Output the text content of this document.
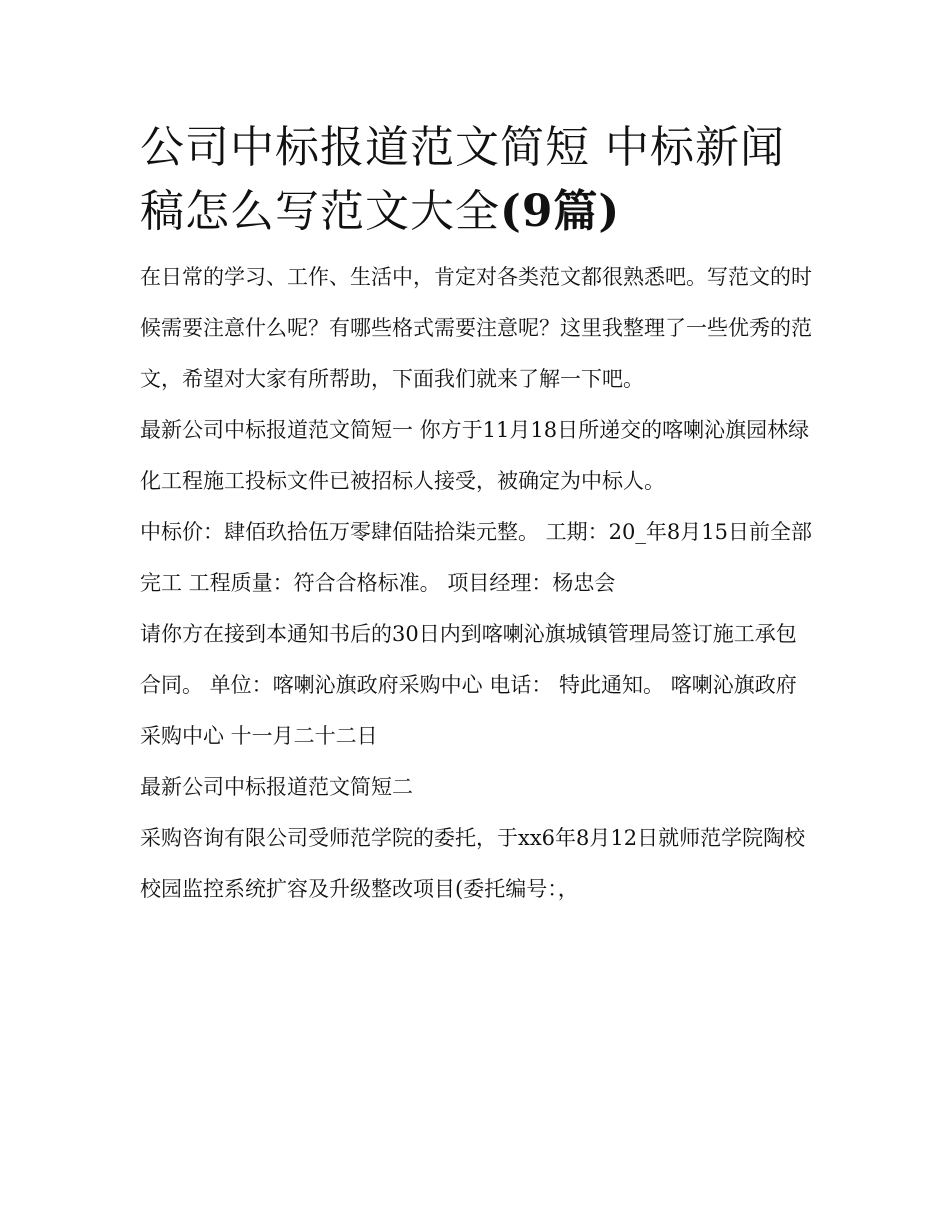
公司中标报道范文简短 中标新闻稿怎么写范文大全(9篇)

在日常的学习、工作、生活中，肯定对各类范文都很熟悉吧。写范文的时候需要注意什么呢？有哪些格式需要注意呢？这里我整理了一些优秀的范文，希望对大家有所帮助，下面我们就来了解一下吧。

最新公司中标报道范文简短一 你方于11月18日所递交的喀喇沁旗园林绿化工程施工投标文件已被招标人接受，被确定为中标人。

中标价：肆佰玖拾伍万零肆佰陆拾柒元整。 工期：20_年8月15日前全部完工 工程质量：符合合格标准。 项目经理：杨忠会

请你方在接到本通知书后的30日内到喀喇沁旗城镇管理局签订施工承包合同。 单位：喀喇沁旗政府采购中心 电话： 特此通知。 喀喇沁旗政府采购中心 十一月二十二日

最新公司中标报道范文简短二

采购咨询有限公司受师范学院的委托，于xx6年8月12日就师范学院陶校校园监控系统扩容及升级整改项目(委托编号：，
